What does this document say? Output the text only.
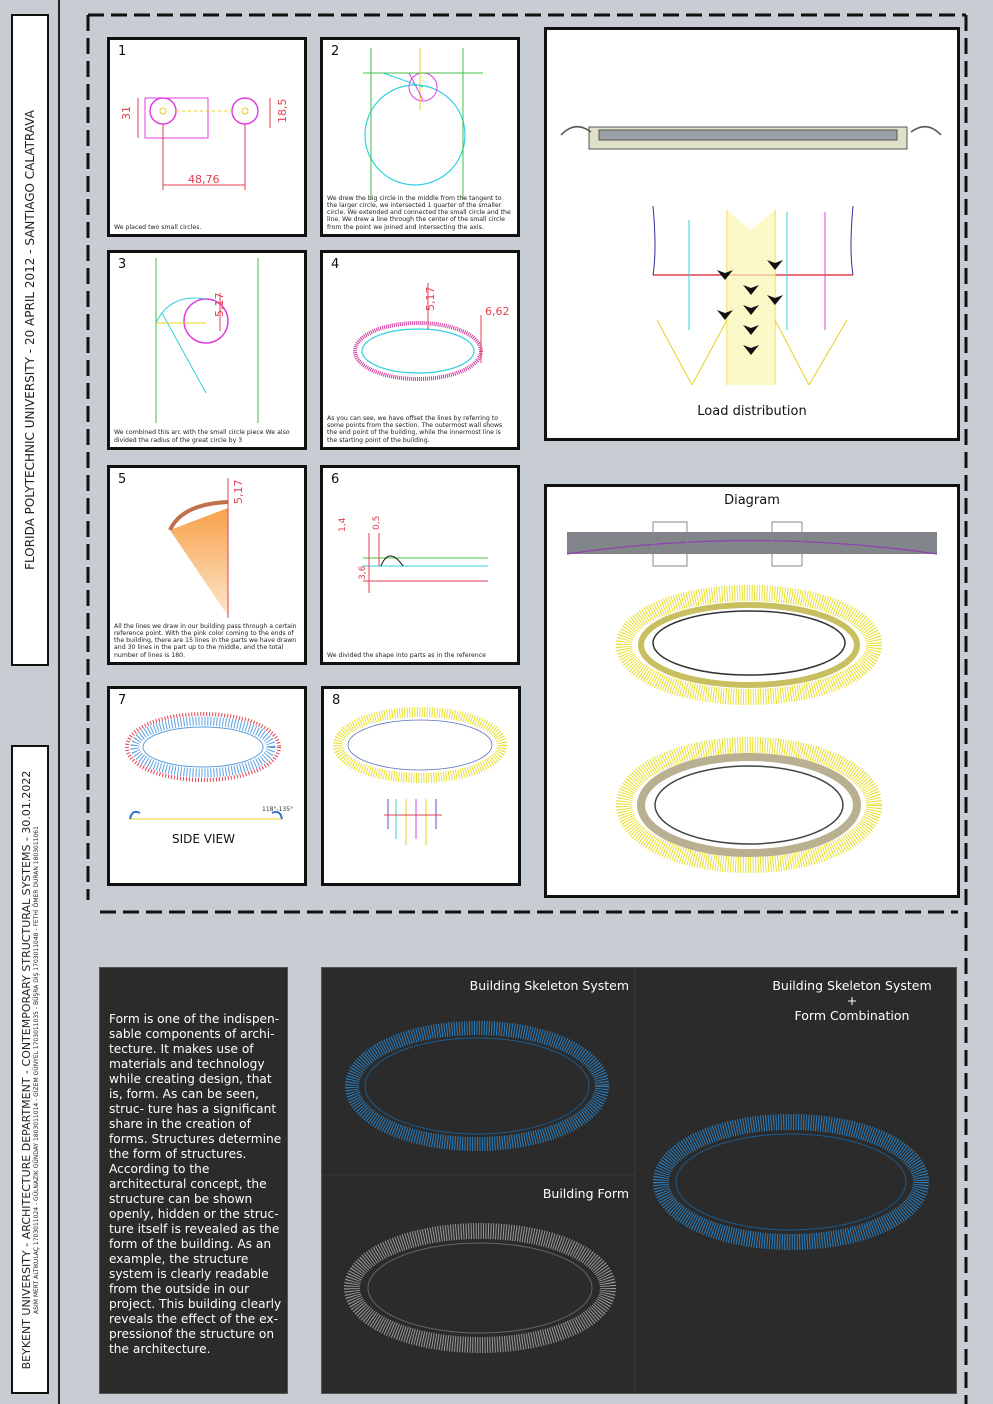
FLORIDA POLYTECHNIC UNIVERSITY - 20 APRIL 2012 - SANTIAGO CALATRAVA
BEYKENT UNIVERSITY - ARCHITECTURE DEPARTMENT - CONTEMPORARY STRUCTURAL SYSTEMS - 30.01.2022 ASIM MERT ALTIKULAÇ 1703011024 - GÜLNAZIK GÜNDAY 1803011014 - GİZEM GÜNYEL 1703011035 - BÜŞRA DİŞ 1703011048 - FETHİ ÖMER DURAN 1803011061
1
31	18,5
48,76
We placed two small circles.
2
We drew the big circle in the middle from the tangent to the larger circle, we intersected 1 quarter of the smaller circle. We extended and connected the small circle and the line. We drew a line through the center of the small circle from the point we joined and intersecting the axis.
3
5,17
We combined this arc with the small circle piece We also divided the radius of the great circle by 3
4
5,17
6,62
As you can see, we have offset the lines by referring to some points from the section. The outermost wall shows the end point of the building, while the innermost line is the starting point of the building.
5	5,17
All the lines we draw in our building pass through a certain reference point. With the pink color coming to the ends of the building, there are 15 lines in the parts we have drawn and 30 lines in the part up to the middle, and the total number of lines is 180.
6
1,4	0,5
3,6
We divided the shape into parts as in the reference
7
118°-135°
SIDE VIEW
8
Load distribution
Diagram
Form is one of the indispen- sable components of archi- tecture. It makes use of materials and technology while creating design, that is, form. As can be seen, struc- ture has a significant share in the creation of forms. Structures determine the form of structures. According to the architectural concept, the structure can be shown openly, hidden or the struc- ture itself is revealed as the form of the building. As an example, the structure system is clearly readable from the outside in our project. This building clearly reveals the effect of the ex- pressionof the structure on the architecture.
Building Skeleton System
Building Form
Building Skeleton System
+
Form Combination
